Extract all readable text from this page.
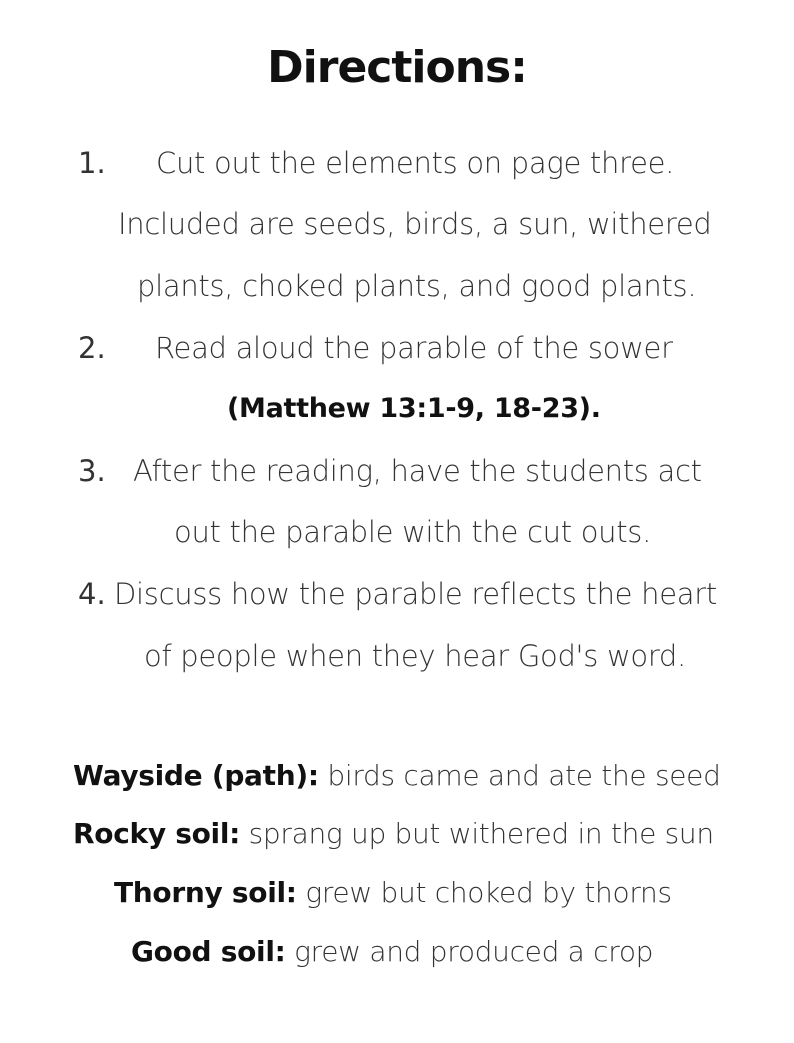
Directions:
1. Cut out the elements on page three.
Included are seeds, birds, a sun, withered
plants, choked plants, and good plants.
2. Read aloud the parable of the sower
(Matthew 13:1-9, 18-23).
3. After the reading, have the students act
out the parable with the cut outs.
4. Discuss how the parable reflects the heart
of people when they hear God's word.
Wayside (path): birds came and ate the seed
Rocky soil: sprang up but withered in the sun
Thorny soil: grew but choked by thorns
Good soil: grew and produced a crop
